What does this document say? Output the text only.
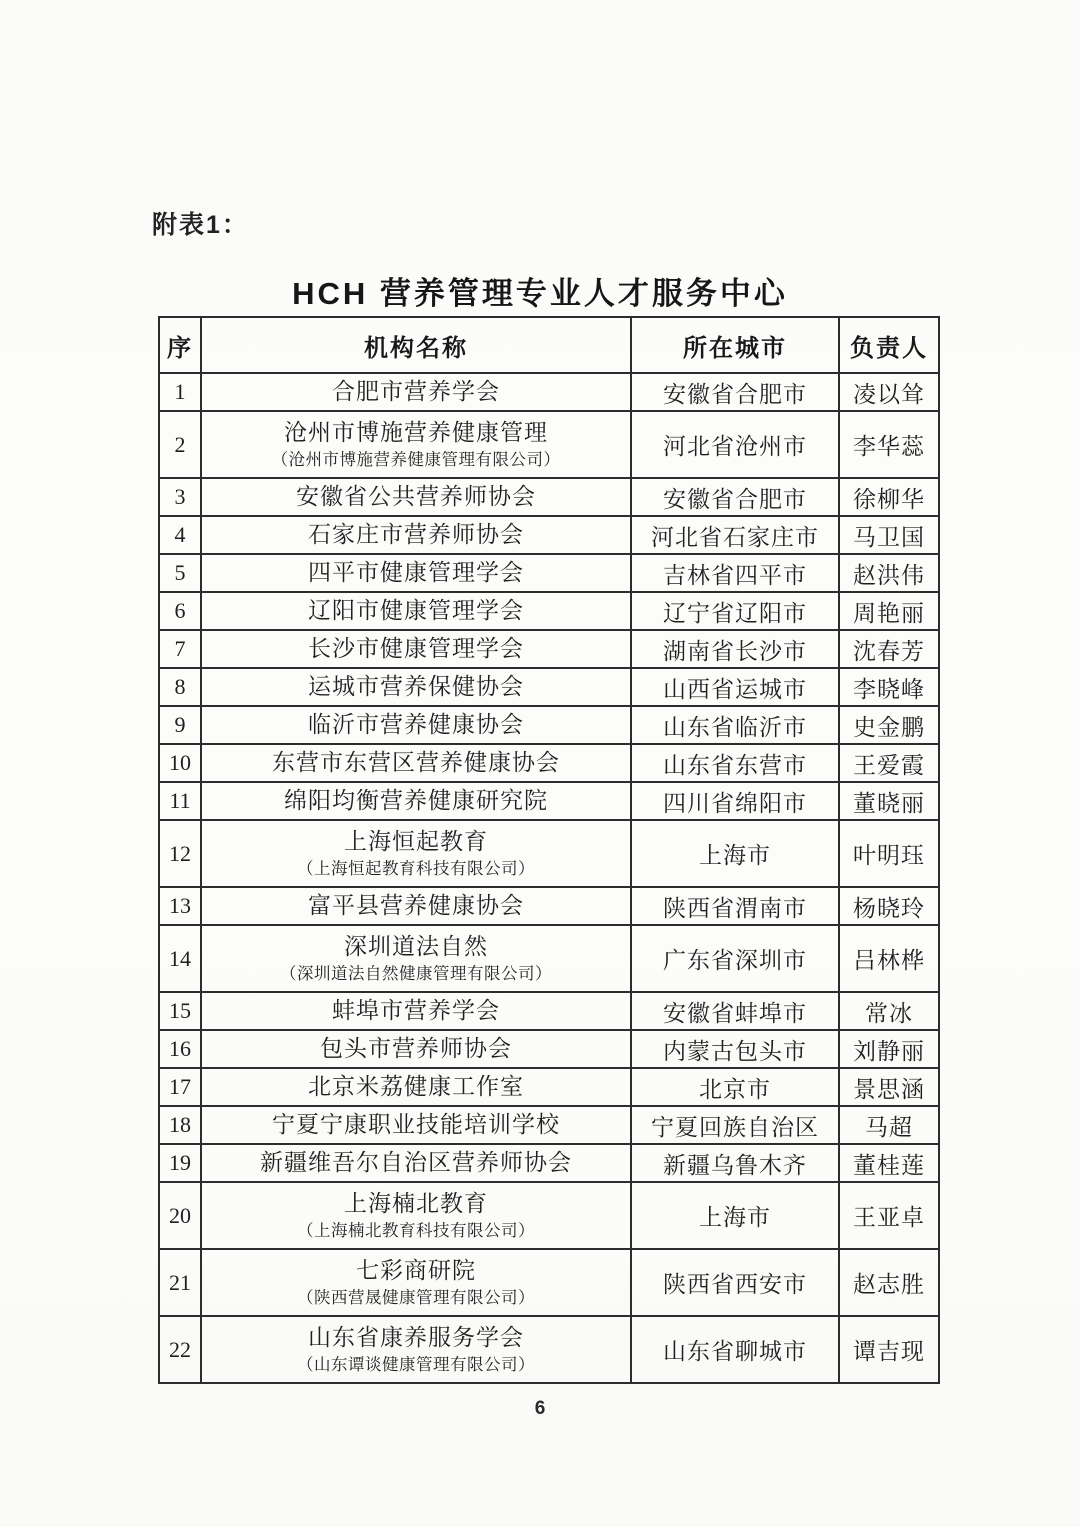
附表1：
HCH 营养管理专业人才服务中心
序	机构名称	所在城市	负责人
1	合肥市营养学会	安徽省合肥市	凌以耸
2	沧州市博施营养健康管理
（沧州市博施营养健康管理有限公司）	河北省沧州市	李华蕊
3	安徽省公共营养师协会	安徽省合肥市	徐柳华
4	石家庄市营养师协会	河北省石家庄市	马卫国
5	四平市健康管理学会	吉林省四平市	赵洪伟
6	辽阳市健康管理学会	辽宁省辽阳市	周艳丽
7	长沙市健康管理学会	湖南省长沙市	沈春芳
8	运城市营养保健协会	山西省运城市	李晓峰
9	临沂市营养健康协会	山东省临沂市	史金鹏
10	东营市东营区营养健康协会	山东省东营市	王爱霞
11	绵阳均衡营养健康研究院	四川省绵阳市	董晓丽
12	上海恒起教育
（上海恒起教育科技有限公司）	上海市	叶明珏
13	富平县营养健康协会	陕西省渭南市	杨晓玲
14	深圳道法自然
（深圳道法自然健康管理有限公司）	广东省深圳市	吕林桦
15	蚌埠市营养学会	安徽省蚌埠市	常冰
16	包头市营养师协会	内蒙古包头市	刘静丽
17	北京米荔健康工作室	北京市	景思涵
18	宁夏宁康职业技能培训学校	宁夏回族自治区	马超
19	新疆维吾尔自治区营养师协会	新疆乌鲁木齐	董桂莲
20	上海楠北教育
（上海楠北教育科技有限公司）	上海市	王亚卓
21	七彩商研院
（陕西营晟健康管理有限公司）	陕西省西安市	赵志胜
22	山东省康养服务学会
（山东谭谈健康管理有限公司）	山东省聊城市	谭吉现
6
